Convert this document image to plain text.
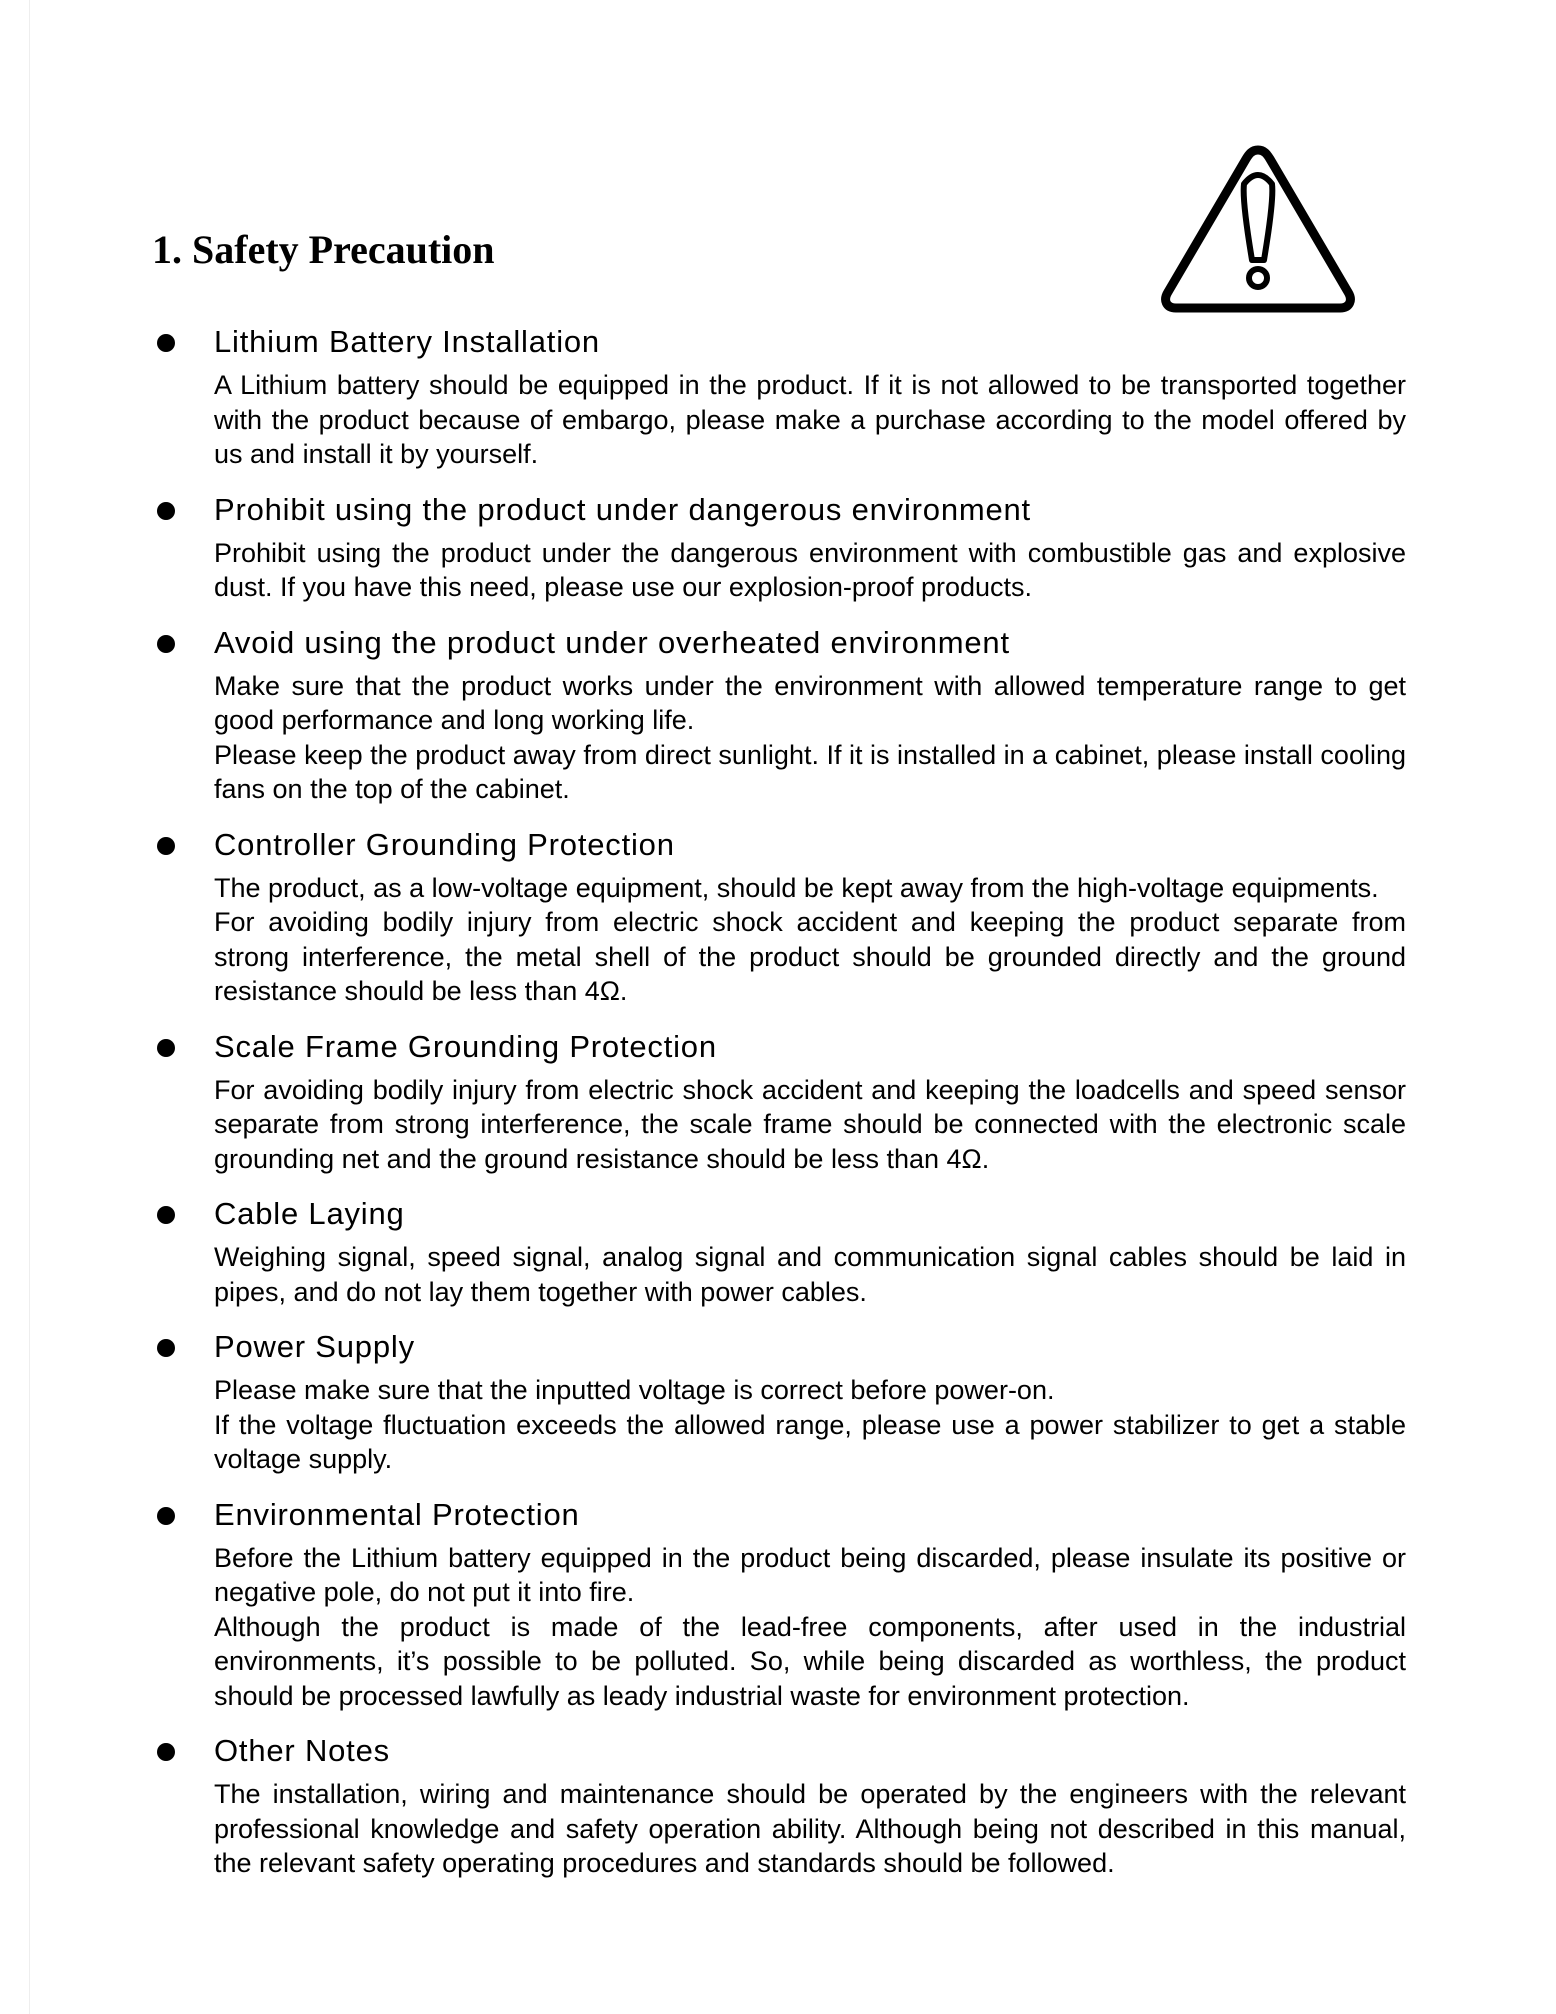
1. Safety Precaution
Lithium Battery Installation

A Lithium battery should be equipped in the product. If it is not allowed to be transported together with the product because of embargo, please make a purchase according to the model offered by us and install it by yourself.

Prohibit using the product under dangerous environment

Prohibit using the product under the dangerous environment with combustible gas and explosive dust. If you have this need, please use our explosion-proof products.

Avoid using the product under overheated environment

Make sure that the product works under the environment with allowed temperature range to get good performance and long working life.

Please keep the product away from direct sunlight. If it is installed in a cabinet, please install cooling fans on the top of the cabinet.

Controller Grounding Protection

The product, as a low-voltage equipment, should be kept away from the high-voltage equipments.

For avoiding bodily injury from electric shock accident and keeping the product separate from strong interference, the metal shell of the product should be grounded directly and the ground resistance should be less than 4Ω.

Scale Frame Grounding Protection

For avoiding bodily injury from electric shock accident and keeping the loadcells and speed sensor separate from strong interference, the scale frame should be connected with the electronic scale grounding net and the ground resistance should be less than 4Ω.

Cable Laying

Weighing signal, speed signal, analog signal and communication signal cables should be laid in pipes, and do not lay them together with power cables.

Power Supply

Please make sure that the inputted voltage is correct before power-on.

If the voltage fluctuation exceeds the allowed range, please use a power stabilizer to get a stable voltage supply.

Environmental Protection

Before the Lithium battery equipped in the product being discarded, please insulate its positive or negative pole, do not put it into fire.

Although the product is made of the lead-free components, after used in the industrial environments, it’s possible to be polluted. So, while being discarded as worthless, the product should be processed lawfully as leady industrial waste for environment protection.

Other Notes

The installation, wiring and maintenance should be operated by the engineers with the relevant professional knowledge and safety operation ability. Although being not described in this manual, the relevant safety operating procedures and standards should be followed.
